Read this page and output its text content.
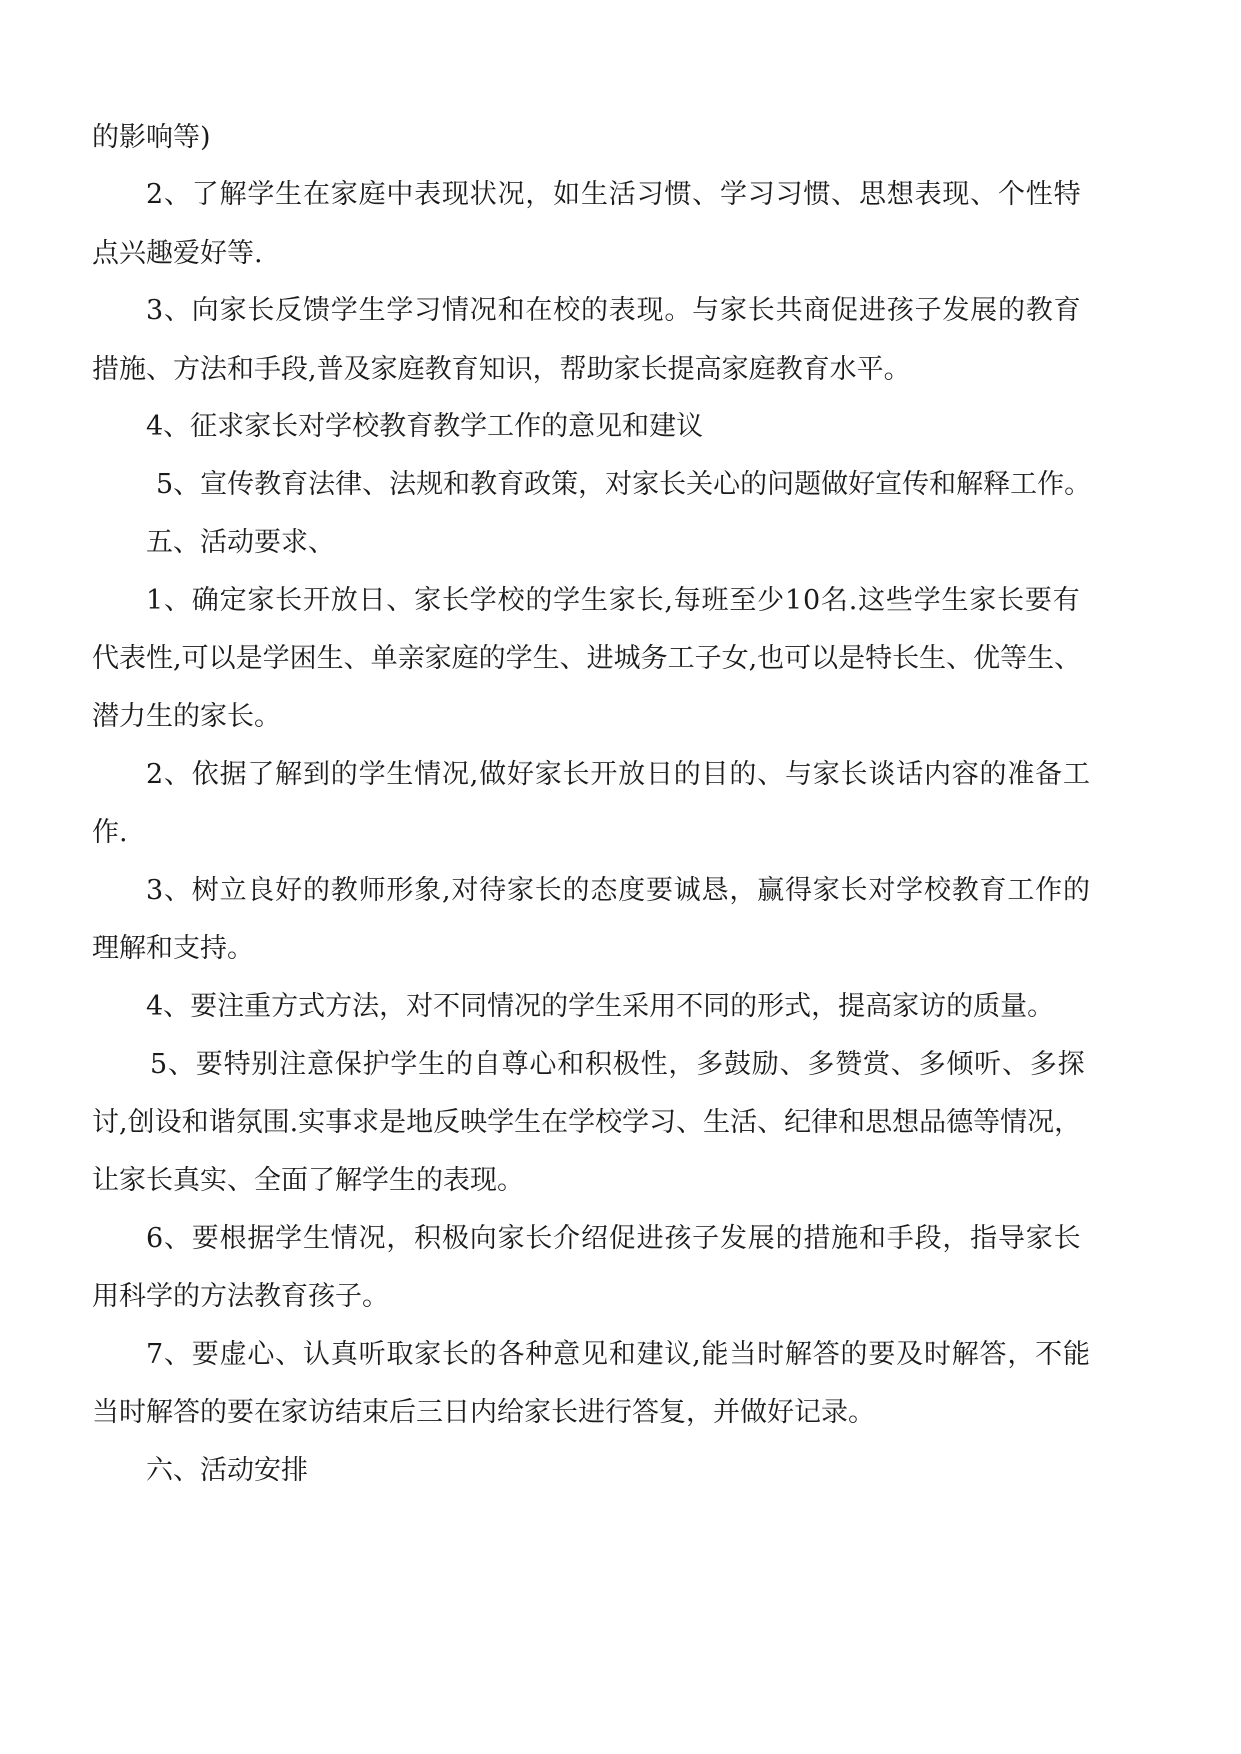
的影响等)

2、了解学生在家庭中表现状况，如生活习惯、学习习惯、思想表现、个性特

点兴趣爱好等.

3、向家长反馈学生学习情况和在校的表现。与家长共商促进孩子发展的教育

措施、方法和手段,普及家庭教育知识，帮助家长提高家庭教育水平。

4、征求家长对学校教育教学工作的意见和建议

5、宣传教育法律、法规和教育政策，对家长关心的问题做好宣传和解释工作。

五、活动要求、

1、确定家长开放日、家长学校的学生家长,每班至少10名.这些学生家长要有

代表性,可以是学困生、单亲家庭的学生、进城务工子女,也可以是特长生、优等生、

潜力生的家长。

2、依据了解到的学生情况,做好家长开放日的目的、与家长谈话内容的准备工

作.

3、树立良好的教师形象,对待家长的态度要诚恳，赢得家长对学校教育工作的

理解和支持。

4、要注重方式方法，对不同情况的学生采用不同的形式，提高家访的质量。

5、要特别注意保护学生的自尊心和积极性，多鼓励、多赞赏、多倾听、多探

讨,创设和谐氛围.实事求是地反映学生在学校学习、生活、纪律和思想品德等情况，

让家长真实、全面了解学生的表现。

6、要根据学生情况，积极向家长介绍促进孩子发展的措施和手段，指导家长

用科学的方法教育孩子。

7、要虚心、认真听取家长的各种意见和建议,能当时解答的要及时解答，不能

当时解答的要在家访结束后三日内给家长进行答复，并做好记录。

六、活动安排
